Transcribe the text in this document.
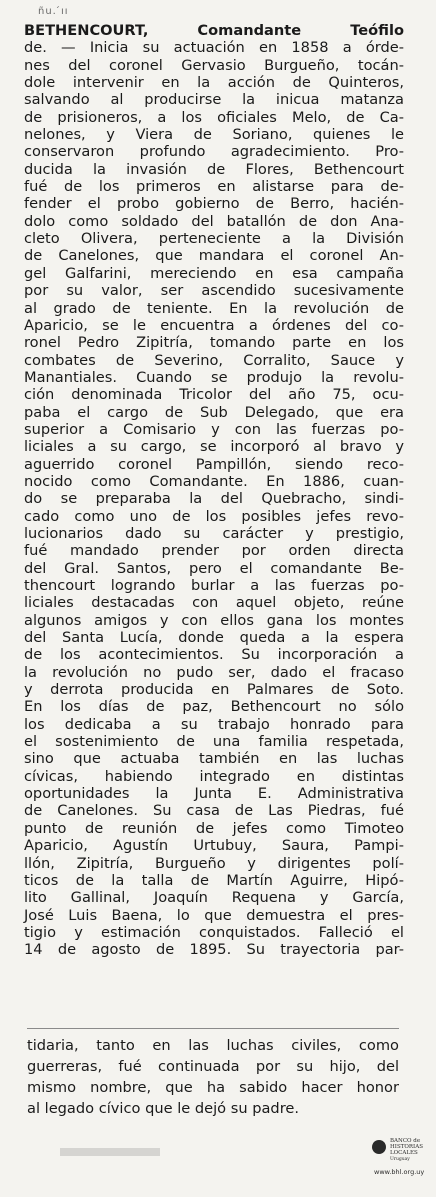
ñu. ́ıı
BETHENCOURT, Comandante Teófilo
de. — Inicia su actuación en 1858 a órde-
nes del coronel Gervasio Burgueño, tocán-
dole intervenir en la acción de Quinteros,
salvando al producirse la inicua matanza
de prisioneros, a los oficiales Melo, de Ca-
nelones, y Viera de Soriano, quienes le
conservaron profundo agradecimiento. Pro-
ducida la invasión de Flores, Bethencourt
fué de los primeros en alistarse para de-
fender el probo gobierno de Berro, hacién-
dolo como soldado del batallón de don Ana-
cleto Olivera, perteneciente a la División
de Canelones, que mandara el coronel An-
gel Galfarini, mereciendo en esa campaña
por su valor, ser ascendido sucesivamente
al grado de teniente. En la revolución de
Aparicio, se le encuentra a órdenes del co-
ronel Pedro Zipitría, tomando parte en los
combates de Severino, Corralito, Sauce y
Manantiales. Cuando se produjo la revolu-
ción denominada Tricolor del año 75, ocu-
paba el cargo de Sub Delegado, que era
superior a Comisario y con las fuerzas po-
liciales a su cargo, se incorporó al bravo y
aguerrido coronel Pampillón, siendo reco-
nocido como Comandante. En 1886, cuan-
do se preparaba la del Quebracho, sindi-
cado como uno de los posibles jefes revo-
lucionarios dado su carácter y prestigio,
fué mandado prender por orden directa
del Gral. Santos, pero el comandante Be-
thencourt logrando burlar a las fuerzas po-
liciales destacadas con aquel objeto, reúne
algunos amigos y con ellos gana los montes
del Santa Lucía, donde queda a la espera
de los acontecimientos. Su incorporación a
la revolución no pudo ser, dado el fracaso
y derrota producida en Palmares de Soto.
En los días de paz, Bethencourt no sólo
los dedicaba a su trabajo honrado para
el sostenimiento de una familia respetada,
sino que actuaba también en las luchas
cívicas, habiendo integrado en distintas
oportunidades la Junta E. Administrativa
de Canelones. Su casa de Las Piedras, fué
punto de reunión de jefes como Timoteo
Aparicio, Agustín Urtubuy, Saura, Pampi-
llón, Zipitría, Burgueño y dirigentes polí-
ticos de la talla de Martín Aguirre, Hipó-
lito Gallinal, Joaquín Requena y García,
José Luis Baena, lo que demuestra el pres-
tigio y estimación conquistados. Falleció el
14 de agosto de 1895. Su trayectoria par-
tidaria, tanto en las luchas civiles, como
guerreras, fué continuada por su hijo, del
mismo nombre, que ha sabido hacer honor
al legado cívico que le dejó su padre.
BANCO de
HISTORIAS
LOCALES
Uruguay
www.bhl.org.uy
